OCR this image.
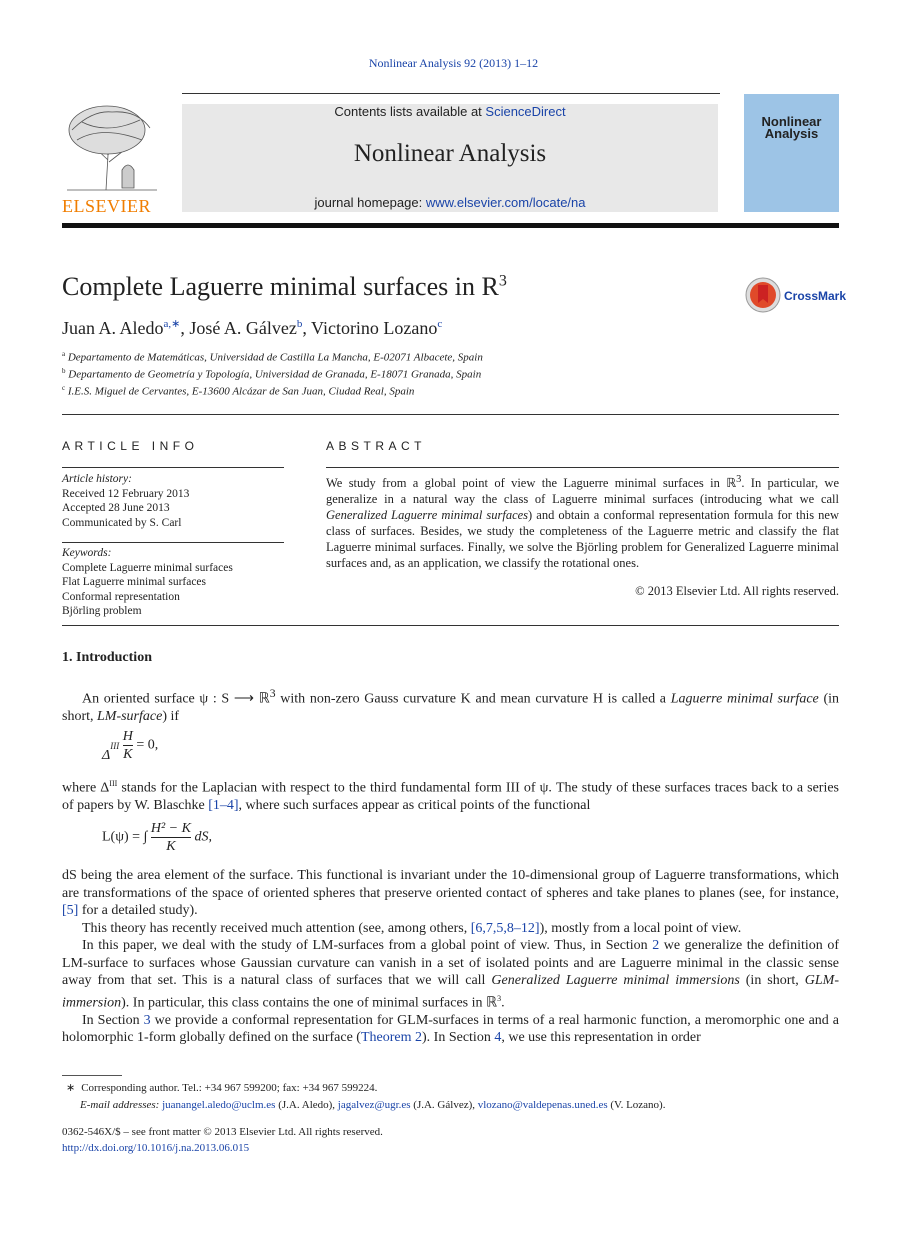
Nonlinear Analysis 92 (2013) 1–12
Contents lists available at ScienceDirect
Nonlinear Analysis
journal homepage: www.elsevier.com/locate/na
ELSEVIER
Nonlinear Analysis
Complete Laguerre minimal surfaces in $R^3$
CrossMark
Juan A. Aledo$^{a,∗}$, José A. Gálvez$^b$, Victorino Lozano$^c$
$^a$ Departamento de Matemáticas, Universidad de Castilla La Mancha, E-02071 Albacete, Spain
$^b$ Departamento de Geometría y Topología, Universidad de Granada, E-18071 Granada, Spain
$^c$ I.E.S. Miguel de Cervantes, E-13600 Alcázar de San Juan, Ciudad Real, Spain
ARTICLE INFO
Article history:
Received 12 February 2013
Accepted 28 June 2013
Communicated by S. Carl
Keywords:
Complete Laguerre minimal surfaces
Flat Laguerre minimal surfaces
Conformal representation
Björling problem
ABSTRACT

We study from a global point of view the Laguerre minimal surfaces in ℝ$^3$. In particular, we generalize in a natural way the class of Laguerre minimal surfaces (introducing what we call Generalized Laguerre minimal surfaces) and obtain a conformal representation formula for this new class of surfaces. Besides, we study the completeness of the Laguerre metric and classify the flat Laguerre minimal surfaces. Finally, we solve the Björling problem for Generalized Laguerre minimal surfaces and, as an application, we classify the rotational ones.

© 2013 Elsevier Ltd. All rights reserved.
1. Introduction

An oriented surface ψ : S ⟶ ℝ$^3$ with non-zero Gauss curvature K and mean curvature H is called a Laguerre minimal surface (in short, LM-surface) if

$\Delta^{III} \frac{H}{K} = 0$,

where $\Delta^{III}$ stands for the Laplacian with respect to the third fundamental form III of ψ. The study of these surfaces traces back to a series of papers by W. Blaschke [1–4], where such surfaces appear as critical points of the functional

L(ψ) = ∫ $\frac{\text{H² − K}}{K}$ dS,

dS being the area element of the surface. This functional is invariant under the 10-dimensional group of Laguerre transformations, which are transformations of the space of oriented spheres that preserve oriented contact of spheres and take planes to planes (see, for instance, [5] for a detailed study).

This theory has recently received much attention (see, among others, [6,7,5,8–12]), mostly from a local point of view.

In this paper, we deal with the study of LM-surfaces from a global point of view. Thus, in Section 2 we generalize the definition of LM-surface to surfaces whose Gaussian curvature can vanish in a set of isolated points and are Laguerre minimal in the classic sense away from that set. This is a natural class of surfaces that we will call Generalized Laguerre minimal immersions (in short, GLM-immersion). In particular, this class contains the one of minimal surfaces in ℝ$^3$.

In Section 3 we provide a conformal representation for GLM-surfaces in terms of a real harmonic function, a meromorphic one and a holomorphic 1-form globally defined on the surface (Theorem 2). In Section 4, we use this representation in order

∗ Corresponding author. Tel.: +34 967 599200; fax: +34 967 599224.
E-mail addresses: juanangel.aledo@uclm.es (J.A. Aledo), jagalvez@ugr.es (J.A. Gálvez), vlozano@valdepenas.uned.es (V. Lozano).
0362-546X/$ – see front matter © 2013 Elsevier Ltd. All rights reserved.
http://dx.doi.org/10.1016/j.na.2013.06.015
